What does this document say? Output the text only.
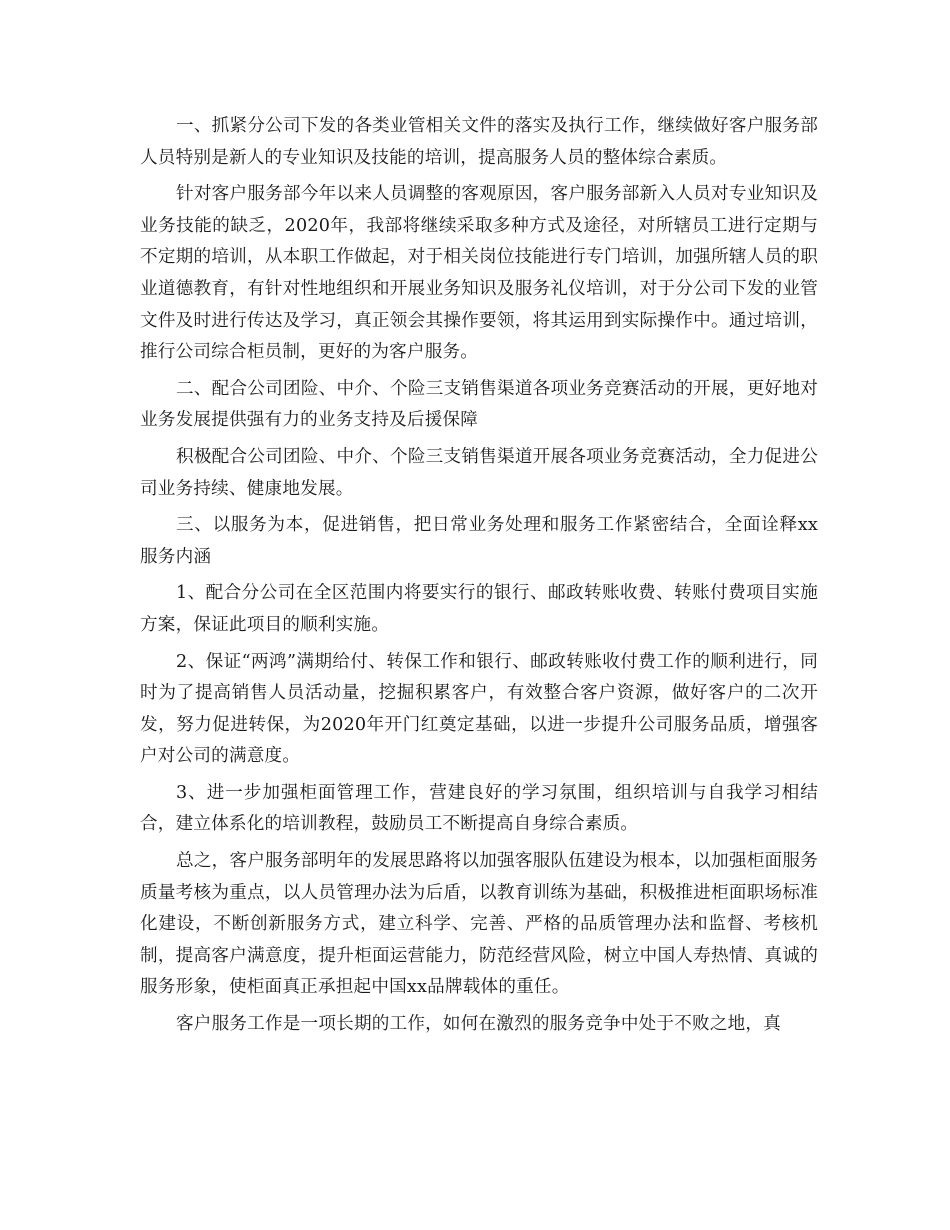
一、抓紧分公司下发的各类业管相关文件的落实及执行工作，继续做好客户服务部人员特别是新人的专业知识及技能的培训，提高服务人员的整体综合素质。

针对客户服务部今年以来人员调整的客观原因，客户服务部新入人员对专业知识及业务技能的缺乏，2020年，我部将继续采取多种方式及途径，对所辖员工进行定期与不定期的培训，从本职工作做起，对于相关岗位技能进行专门培训，加强所辖人员的职业道德教育，有针对性地组织和开展业务知识及服务礼仪培训，对于分公司下发的业管文件及时进行传达及学习，真正领会其操作要领，将其运用到实际操作中。通过培训，推行公司综合柜员制，更好的为客户服务。

二、配合公司团险、中介、个险三支销售渠道各项业务竞赛活动的开展，更好地对业务发展提供强有力的业务支持及后援保障

积极配合公司团险、中介、个险三支销售渠道开展各项业务竞赛活动，全力促进公司业务持续、健康地发展。

三、以服务为本，促进销售，把日常业务处理和服务工作紧密结合，全面诠释xx服务内涵

1、配合分公司在全区范围内将要实行的银行、邮政转账收费、转账付费项目实施方案，保证此项目的顺利实施。

2、保证“两鸿”满期给付、转保工作和银行、邮政转账收付费工作的顺利进行，同时为了提高销售人员活动量，挖掘积累客户，有效整合客户资源，做好客户的二次开发，努力促进转保，为2020年开门红奠定基础，以进一步提升公司服务品质，增强客户对公司的满意度。

3、进一步加强柜面管理工作，营建良好的学习氛围，组织培训与自我学习相结合，建立体系化的培训教程，鼓励员工不断提高自身综合素质。

总之，客户服务部明年的发展思路将以加强客服队伍建设为根本，以加强柜面服务质量考核为重点，以人员管理办法为后盾，以教育训练为基础，积极推进柜面职场标准化建设，不断创新服务方式，建立科学、完善、严格的品质管理办法和监督、考核机制，提高客户满意度，提升柜面运营能力，防范经营风险，树立中国人寿热情、真诚的服务形象，使柜面真正承担起中国xx品牌载体的重任。

客户服务工作是一项长期的工作，如何在激烈的服务竞争中处于不败之地，真
